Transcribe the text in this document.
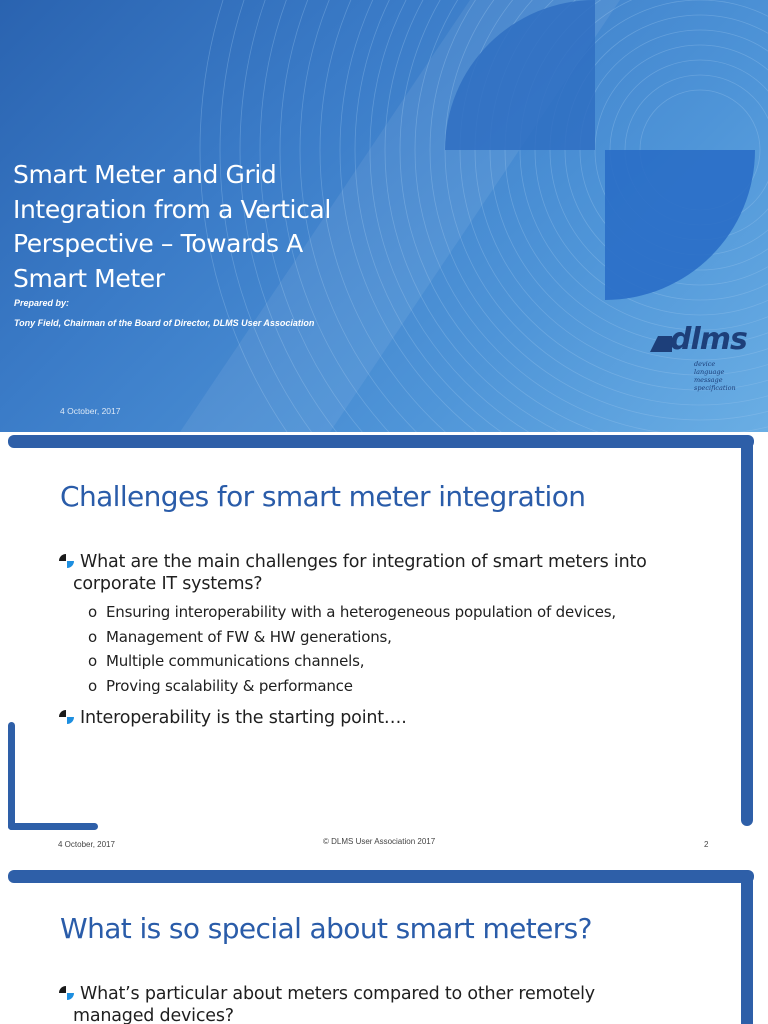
Smart Meter and Grid Integration from a Vertical Perspective – Towards A Smart Meter
Prepared by:
Tony Field, Chairman of the Board of Director, DLMS User Association
4 October, 2017
dlms
device
language
message
specification
Challenges for smart meter integration
What are the main challenges for integration of smart meters into
corporate IT systems?
o Ensuring interoperability with a heterogeneous population of devices,
o Management of FW & HW generations,
o Multiple communications channels,
o Proving scalability & performance
Interoperability is the starting point….
4 October, 2017	© DLMS User Association 2017	2
What is so special about smart meters?
What’s particular about meters compared to other remotely
managed devices?
